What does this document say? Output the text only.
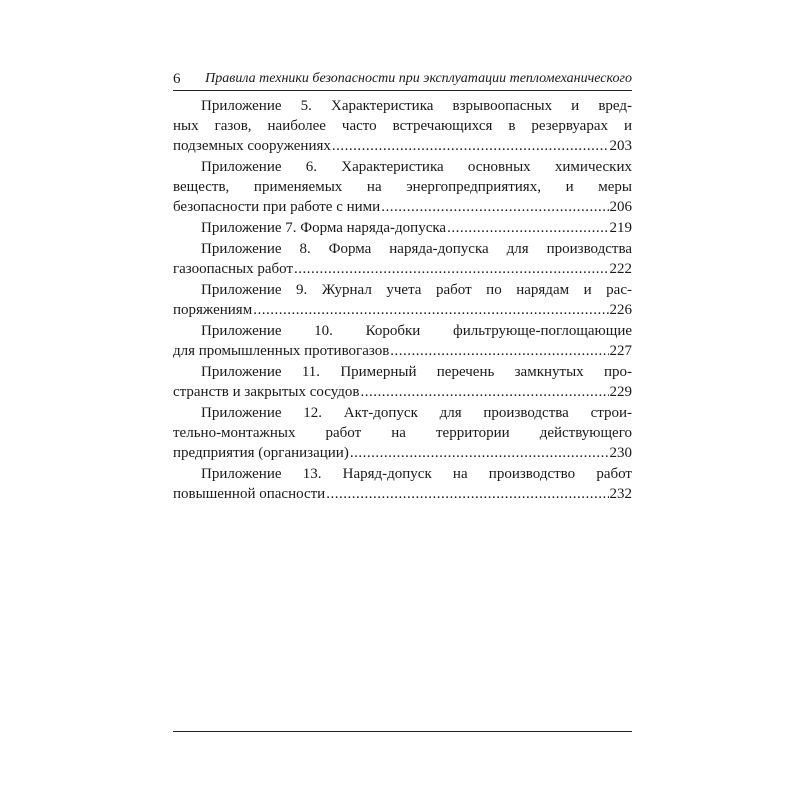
6 Правила техники безопасности при эксплуатации тепломеханического
Приложение 5. Характеристика взрывоопасных и вред-
ных газов, наиболее часто встречающихся в резервуарах и
подземных сооружениях .....	203
Приложение 6. Характеристика основных химических
веществ, применяемых на энергопредприятиях, и меры
безопасности при работе с ними .....	206
Приложение 7. Форма наряда-допуска .....	219
Приложение 8. Форма наряда-допуска для производства
газоопасных работ .....	222
Приложение 9. Журнал учета работ по нарядам и рас-
поряжениям .....	226
Приложение 10. Коробки фильтрующе-поглощающие
для промышленных противогазов .....	227
Приложение 11. Примерный перечень замкнутых про-
странств и закрытых сосудов .....	229
Приложение 12. Акт-допуск для производства строи-
тельно-монтажных работ на территории действующего
предприятия (организации) .....	230
Приложение 13. Наряд-допуск на производство работ
повышенной опасности .....	232
